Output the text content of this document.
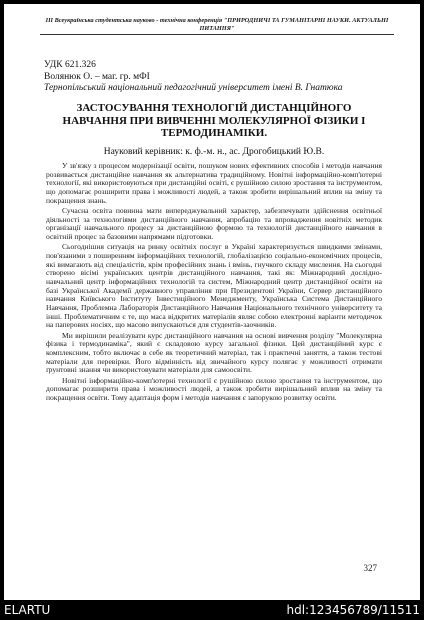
ІІІ Всеукраїнська студентська науково - технічна конференція "ПРИРОДНИЧІ ТА ГУМАНІТАРНІ НАУКИ. АКТУАЛЬНІ ПИТАННЯ"
УДК 621.326
Волянюк О. – маг. гр. мФІ
Тернопільський національний педагогічний університет імені В. Гнатюка
ЗАСТОСУВАННЯ ТЕХНОЛОГІЙ ДИСТАНЦІЙНОГО НАВЧАННЯ ПРИ ВИВЧЕННІ МОЛЕКУЛЯРНОЇ ФІЗИКИ І ТЕРМОДИНАМІКИ.
Науковий керівник: к. ф.-м. н., ас. Дрогобицький Ю.В.

У зв'язку з процесом модернізації освіти, пошуком нових ефективних способів і методів навчання розвивається дистанційне навчання як альтернатива традиційному. Новітні інформаційно-комп'ютерні технології, які використовуються при дистанційні освіті, є рушійною силою зростання та інструментом, що допомагає розширити права і можливості людей, а також зробити вирішальний вплив на зміну та покращення знань.

Сучасна освіта повинна мати випереджувальний характер, забезпечувати здійснення освітньої діяльності за технологіями дистанційного навчання, апробацію та впровадження новітніх методик організації навчального процесу за дистанційною формою та технологій дистанційного навчання в освітній процес за базовими напрямами підготовки.

Сьогоднішня ситуація на ринку освітніх послуг в Україні характеризується швидкими змінами, пов'язаними з поширенням інформаційних технологій, глобалізацією соціально-економічних процесів, які вимагають від спеціалістів, крім професійних знань і вмінь, гнучкого складу мислення. На сьогодні створено вісімі українських центрів дистанційного навчання, такі як: Міжнародний дослідно-навчальний центр інформаційних технологій та систем, Міжнародний центр дистанційної освіти на базі Української Академії державного управління при Президентові України, Сервер дистанційного навчання Київського Інституту Інвестиційного Менеджменту, Українська Система Дистанційного Навчання, Проблемна Лабораторія Дистанційного Навчання Національного технічного університету та інші. Проблематичним є те, що маса відкритих матеріалів являє собою електронні варіанти методичок на паперових носіях, що масово випускаються для студентів-заочників.

Ми вирішили реалізувати курс дистанційного навчання на основі вивчення розділу "Молекулярна фізика і термодинаміка", який є складовою курсу загальної фізики. Цей дистанційний курс є комплексним, тобто включає в себе як теоретичний матеріал, так і практичні заняття, а також тестові матеріали для перевірки. Його відмінність від звичайного курсу полягає у можливості отримати ґрунтовні знання чи використовувати матеріали для самоосвіти.

Новітні інформаційно-комп'ютерні технології є рушійною силою зростання та інструментом, що допомагає розширити права і можливості людей, а також зробити вирішальний вплив на зміну та покращення освіти. Тому адаптація форм і методів навчання є запорукою розвитку освіти.

327
ELARTU	hdl:123456789/11511
